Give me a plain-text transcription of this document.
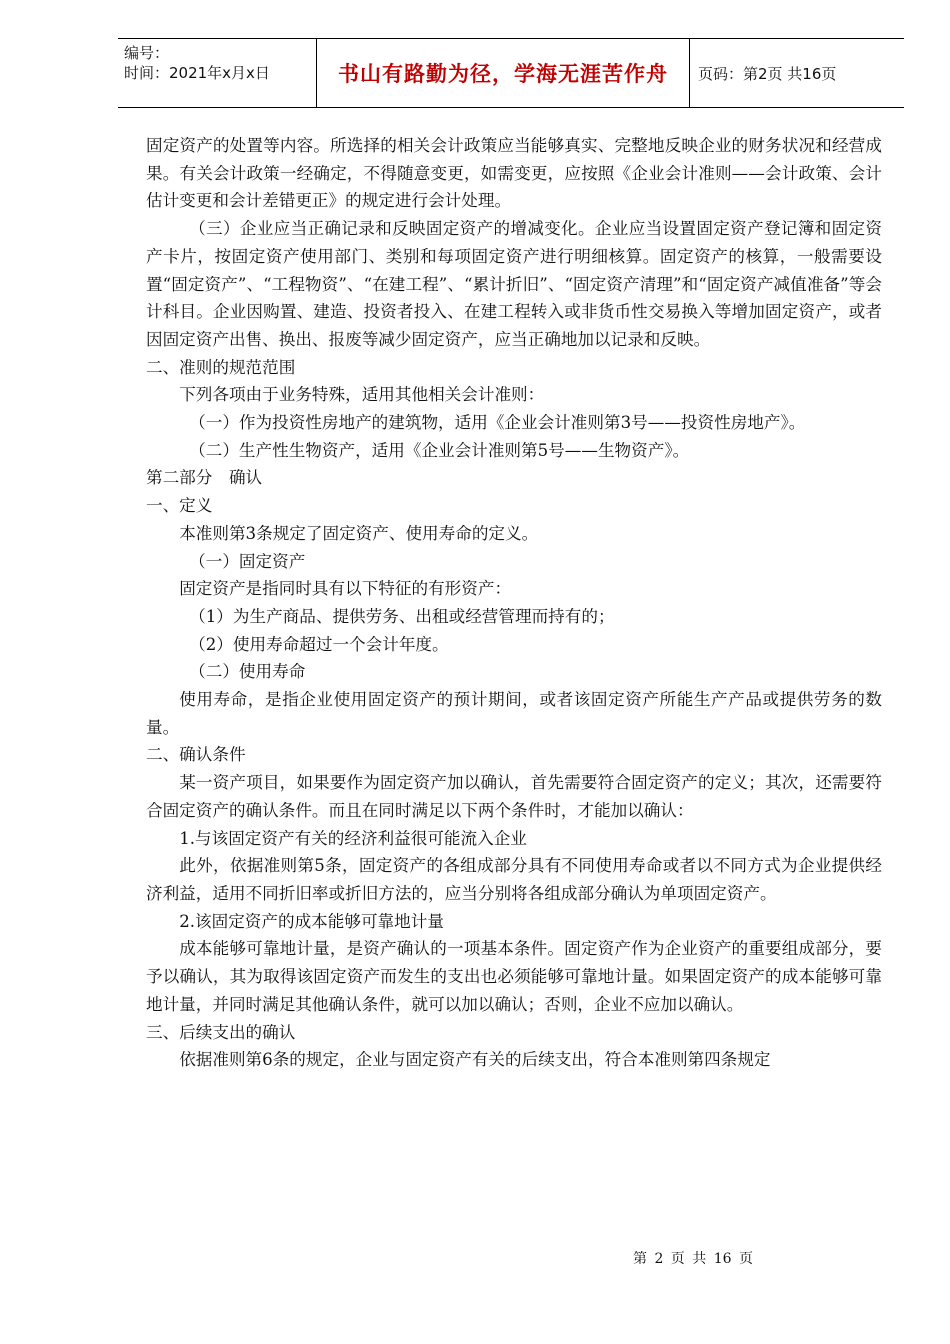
编号：
时间：2021年x月x日	书山有路勤为径，学海无涯苦作舟 页码：第2页 共16页

固定资产的处置等内容。所选择的相关会计政策应当能够真实、完整地反映企业的财务状况和经营成果。有关会计政策一经确定，不得随意变更，如需变更，应按照《企业会计准则——会计政策、会计估计变更和会计差错更正》的规定进行会计处理。

（三）企业应当正确记录和反映固定资产的增减变化。企业应当设置固定资产登记簿和固定资产卡片，按固定资产使用部门、类别和每项固定资产进行明细核算。固定资产的核算，一般需要设置“固定资产”、“工程物资”、“在建工程”、“累计折旧”、“固定资产清理”和“固定资产减值准备”等会计科目。企业因购置、建造、投资者投入、在建工程转入或非货币性交易换入等增加固定资产，或者因固定资产出售、换出、报废等减少固定资产，应当正确地加以记录和反映。

二、准则的规范范围

下列各项由于业务特殊，适用其他相关会计准则：

（一）作为投资性房地产的建筑物，适用《企业会计准则第3号——投资性房地产》。

（二）生产性生物资产，适用《企业会计准则第5号——生物资产》。

第二部分　确认

一、定义

本准则第3条规定了固定资产、使用寿命的定义。

（一）固定资产

固定资产是指同时具有以下特征的有形资产：

（1）为生产商品、提供劳务、出租或经营管理而持有的；

（2）使用寿命超过一个会计年度。

（二）使用寿命

使用寿命，是指企业使用固定资产的预计期间，或者该固定资产所能生产产品或提供劳务的数量。

二、确认条件

某一资产项目，如果要作为固定资产加以确认，首先需要符合固定资产的定义；其次，还需要符合固定资产的确认条件。而且在同时满足以下两个条件时，才能加以确认：

1.与该固定资产有关的经济利益很可能流入企业

此外，依据准则第5条，固定资产的各组成部分具有不同使用寿命或者以不同方式为企业提供经济利益，适用不同折旧率或折旧方法的，应当分别将各组成部分确认为单项固定资产。

2.该固定资产的成本能够可靠地计量

成本能够可靠地计量，是资产确认的一项基本条件。固定资产作为企业资产的重要组成部分，要予以确认，其为取得该固定资产而发生的支出也必须能够可靠地计量。如果固定资产的成本能够可靠地计量，并同时满足其他确认条件，就可以加以确认；否则，企业不应加以确认。

三、后续支出的确认

依据准则第6条的规定，企业与固定资产有关的后续支出，符合本准则第四条规定

第 2 页 共 16 页
